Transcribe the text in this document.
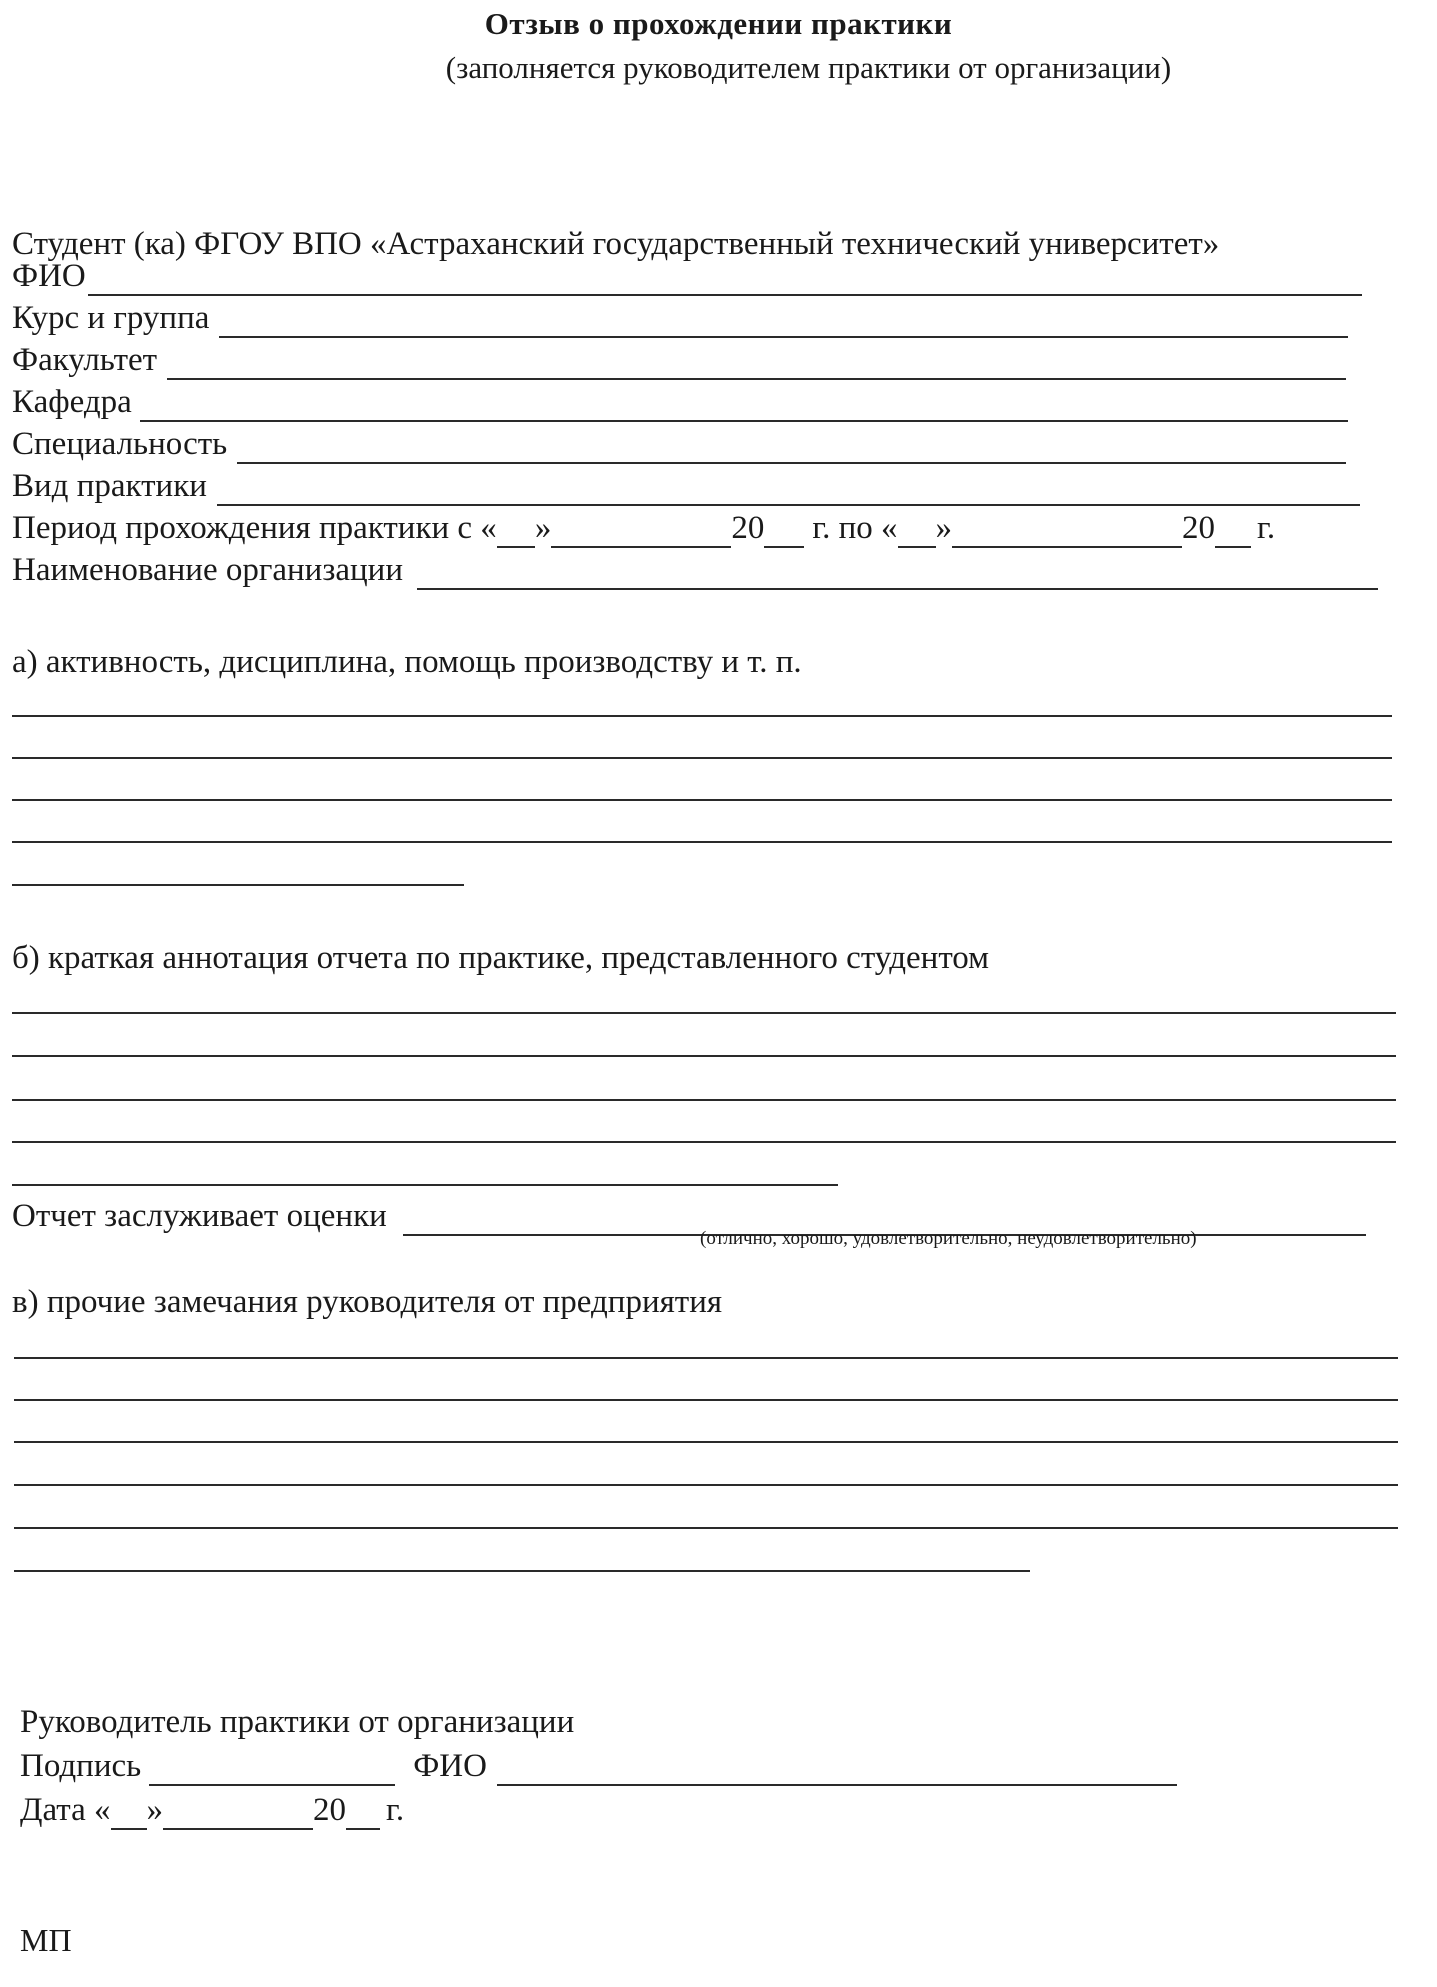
Отзыв о прохождении практики
(заполняется руководителем практики от организации)
Студент (ка) ФГОУ ВПО «Астраханский государственный технический университет»
ФИО
Курс и группа
Факультет
Кафедра
Специальность
Вид практики
Период прохождения практики с « »	20 г. по « »	20 г.
Наименование организации
а) активность, дисциплина, помощь производству и т. п.
б) краткая аннотация отчета по практике, представленного студентом
Отчет заслуживает оценки
(отлично, хорошо, удовлетворительно, неудовлетворительно)
в) прочие замечания руководителя от предприятия
Руководитель практики от организации
Подпись	ФИО
Дата « »	20 г.
МП
